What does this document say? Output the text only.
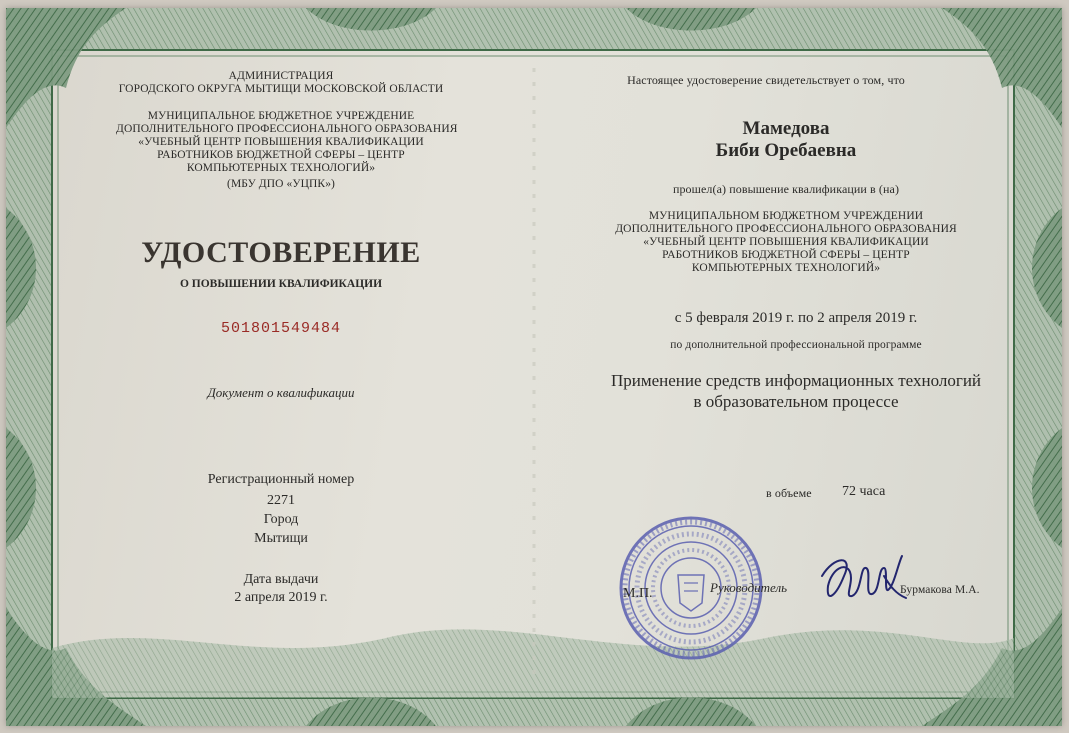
АДМИНИСТРАЦИЯ
ГОРОДСКОГО ОКРУГА МЫТИЩИ МОСКОВСКОЙ ОБЛАСТИ
МУНИЦИПАЛЬНОЕ БЮДЖЕТНОЕ УЧРЕЖДЕНИЕ
ДОПОЛНИТЕЛЬНОГО ПРОФЕССИОНАЛЬНОГО ОБРАЗОВАНИЯ
«УЧЕБНЫЙ ЦЕНТР ПОВЫШЕНИЯ КВАЛИФИКАЦИИ
РАБОТНИКОВ БЮДЖЕТНОЙ СФЕРЫ – ЦЕНТР
КОМПЬЮТЕРНЫХ ТЕХНОЛОГИЙ»
(МБУ ДПО «УЦПК»)
УДОСТОВЕРЕНИЕ
О ПОВЫШЕНИИ КВАЛИФИКАЦИИ
501801549484
Документ о квалификации
Регистрационный номер
2271
Город
Мытищи
Дата выдачи
2 апреля 2019 г.
Настоящее удостоверение свидетельствует о том, что
Мамедова
Биби Оребаевна
прошел(а) повышение квалификации в (на)
МУНИЦИПАЛЬНОМ БЮДЖЕТНОМ УЧРЕЖДЕНИИ
ДОПОЛНИТЕЛЬНОГО ПРОФЕССИОНАЛЬНОГО ОБРАЗОВАНИЯ
«УЧЕБНЫЙ ЦЕНТР ПОВЫШЕНИЯ КВАЛИФИКАЦИИ
РАБОТНИКОВ БЮДЖЕТНОЙ СФЕРЫ – ЦЕНТР
КОМПЬЮТЕРНЫХ ТЕХНОЛОГИЙ»
с 5 февраля 2019 г. по 2 апреля 2019 г.
по дополнительной профессиональной программе
Применение средств информационных технологий
в образовательном процессе
в объеме 72 часа
М.П.	Руководитель	Бурмакова М.А.
